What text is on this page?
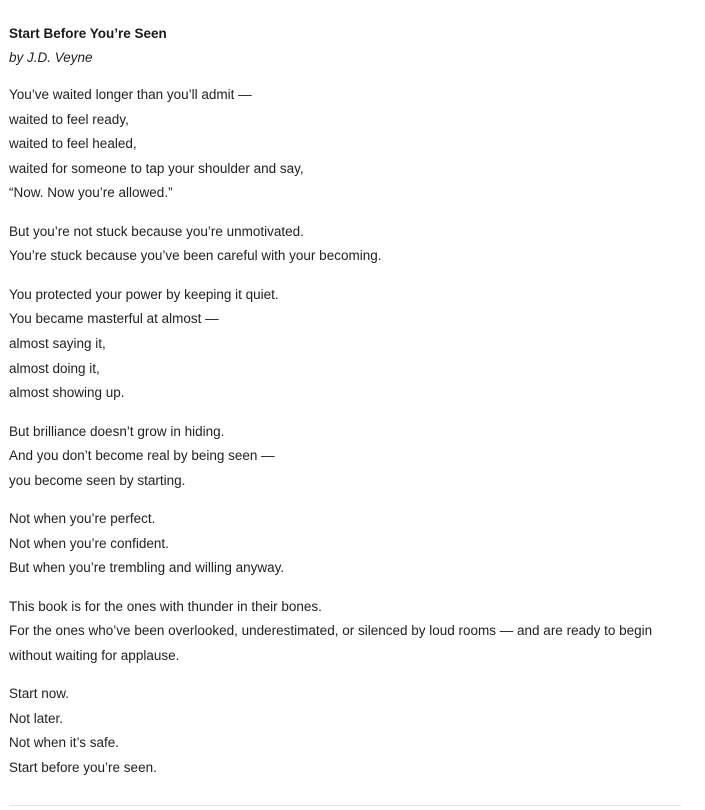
Start Before You’re Seen

by J.D. Veyne

You’ve waited longer than you’ll admit —

waited to feel ready,

waited to feel healed,

waited for someone to tap your shoulder and say,

“Now. Now you’re allowed.”

But you’re not stuck because you’re unmotivated.

You’re stuck because you’ve been careful with your becoming.

You protected your power by keeping it quiet.

You became masterful at almost —

almost saying it,

almost doing it,

almost showing up.

But brilliance doesn’t grow in hiding.

And you don’t become real by being seen —

you become seen by starting.

Not when you’re perfect.

Not when you’re confident.

But when you’re trembling and willing anyway.

This book is for the ones with thunder in their bones.

For the ones who’ve been overlooked, underestimated, or silenced by loud rooms — and are ready to begin without waiting for applause.

Start now.

Not later.

Not when it’s safe.

Start before you’re seen.
